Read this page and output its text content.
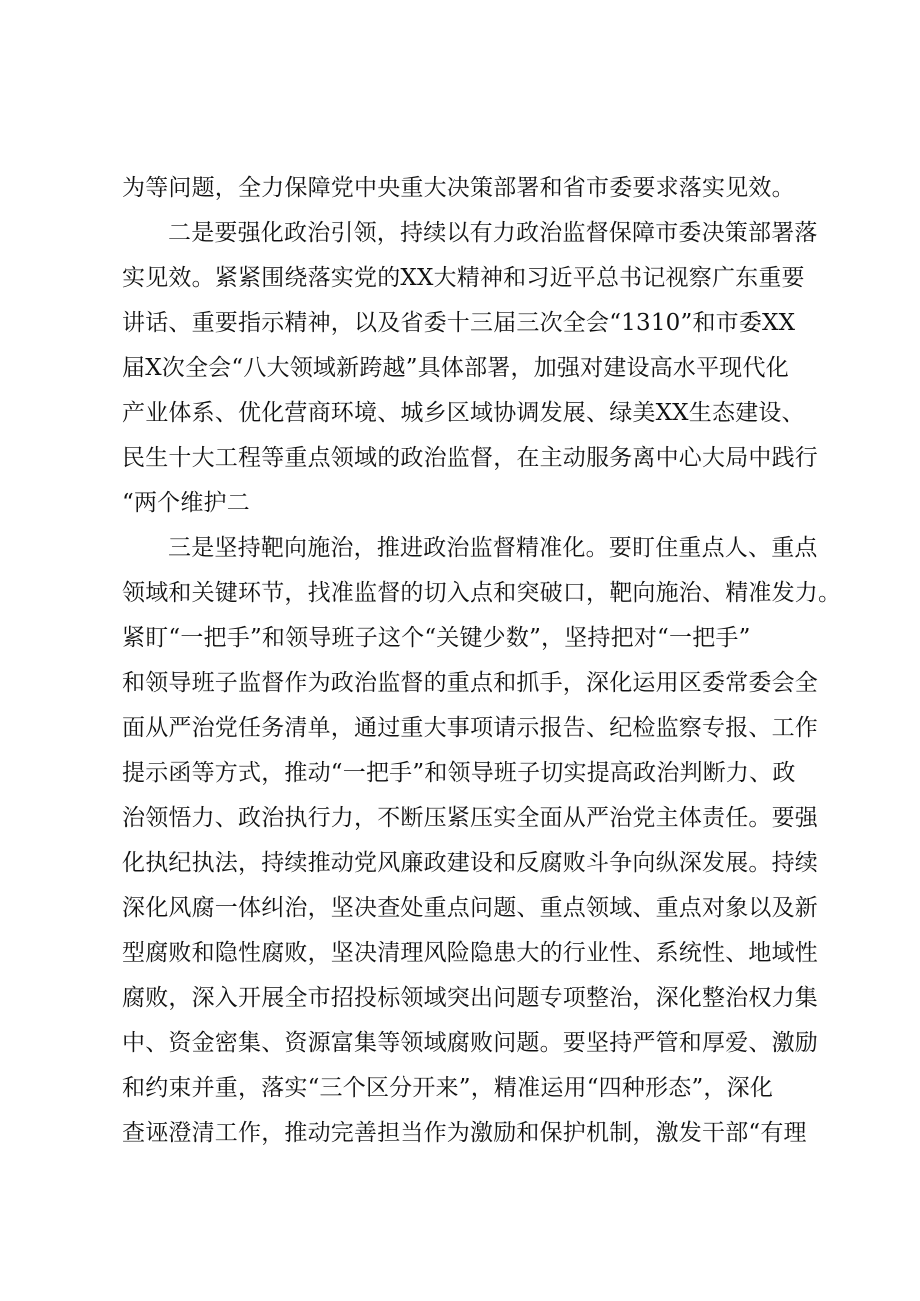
为等问题，全力保障党中央重大决策部署和省市委要求落实见效。
二是要强化政治引领，持续以有力政治监督保障市委决策部署落
实见效。紧紧围绕落实党的XX大精神和习近平总书记视察广东重要
讲话、重要指示精神，以及省委十三届三次全会“1310”和市委XX
届X次全会“八大领域新跨越”具体部署，加强对建设高水平现代化
产业体系、优化营商环境、城乡区域协调发展、绿美XX生态建设、
民生十大工程等重点领域的政治监督，在主动服务离中心大局中践行
“两个维护二
三是坚持靶向施治，推进政治监督精准化。要盯住重点人、重点
领域和关键环节，找准监督的切入点和突破口，靶向施治、精准发力。
紧盯“一把手”和领导班子这个“关键少数”，坚持把对“一把手”
和领导班子监督作为政治监督的重点和抓手，深化运用区委常委会全
面从严治党任务清单，通过重大事项请示报告、纪检监察专报、工作
提示函等方式，推动“一把手”和领导班子切实提高政治判断力、政
治领悟力、政治执行力，不断压紧压实全面从严治党主体责任。要强
化执纪执法，持续推动党风廉政建设和反腐败斗争向纵深发展。持续
深化风腐一体纠治，坚决查处重点问题、重点领域、重点对象以及新
型腐败和隐性腐败，坚决清理风险隐患大的行业性、系统性、地域性
腐败，深入开展全市招投标领域突出问题专项整治，深化整治权力集
中、资金密集、资源富集等领域腐败问题。要坚持严管和厚爱、激励
和约束并重，落实“三个区分开来”，精准运用“四种形态”，深化
查诬澄清工作，推动完善担当作为激励和保护机制，激发干部“有理
